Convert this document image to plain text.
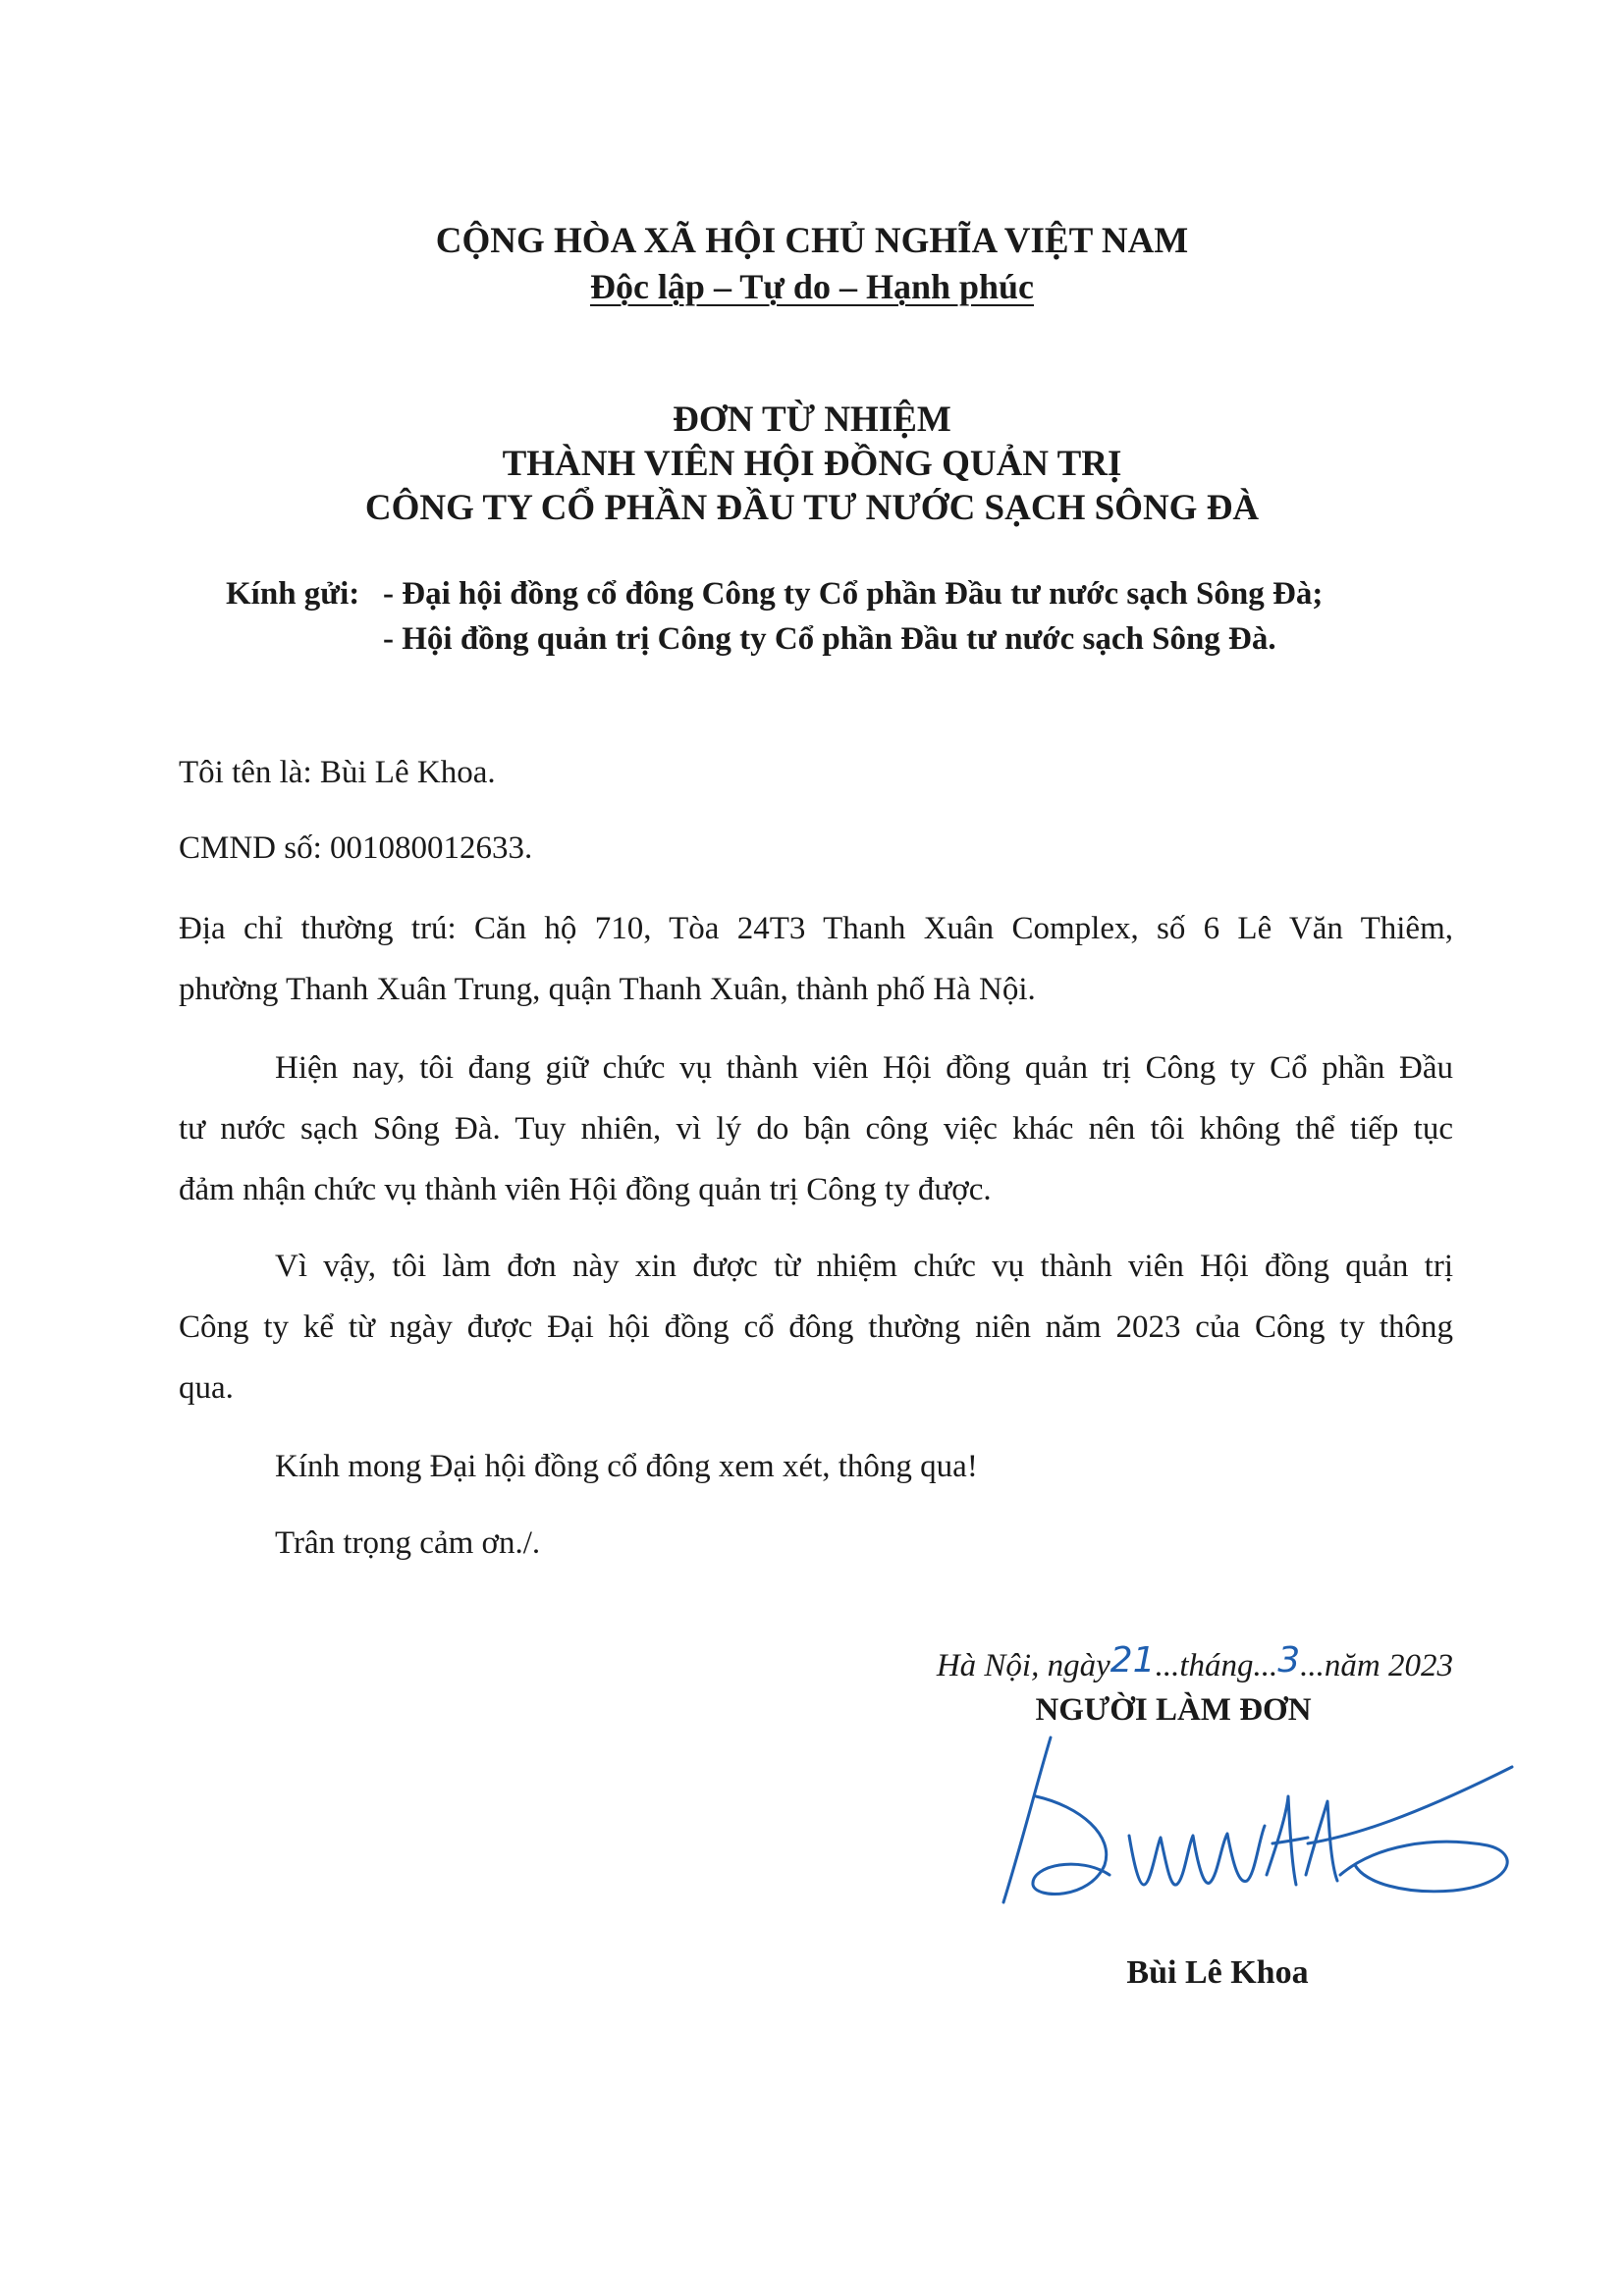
CỘNG HÒA XÃ HỘI CHỦ NGHĨA VIỆT NAM
Độc lập – Tự do – Hạnh phúc
ĐƠN TỪ NHIỆM
THÀNH VIÊN HỘI ĐỒNG QUẢN TRỊ
CÔNG TY CỔ PHẦN ĐẦU TƯ NƯỚC SẠCH SÔNG ĐÀ
Kính gửi: - Đại hội đồng cổ đông Công ty Cổ phần Đầu tư nước sạch Sông Đà;
- Hội đồng quản trị Công ty Cổ phần Đầu tư nước sạch Sông Đà.
Tôi tên là: Bùi Lê Khoa.
CMND số: 001080012633.
Địa chỉ thường trú: Căn hộ 710, Tòa 24T3 Thanh Xuân Complex, số 6 Lê Văn Thiêm,
phường Thanh Xuân Trung, quận Thanh Xuân, thành phố Hà Nội.
Hiện nay, tôi đang giữ chức vụ thành viên Hội đồng quản trị Công ty Cổ phần Đầu
tư nước sạch Sông Đà. Tuy nhiên, vì lý do bận công việc khác nên tôi không thể tiếp tục
đảm nhận chức vụ thành viên Hội đồng quản trị Công ty được.
Vì vậy, tôi làm đơn này xin được từ nhiệm chức vụ thành viên Hội đồng quản trị
Công ty kể từ ngày được Đại hội đồng cổ đông thường niên năm 2023 của Công ty thông
qua.
Kính mong Đại hội đồng cổ đông xem xét, thông qua!
Trân trọng cảm ơn./.
Hà Nội, ngày21...tháng...3...năm 2023
NGƯỜI LÀM ĐƠN
Bùi Lê Khoa
